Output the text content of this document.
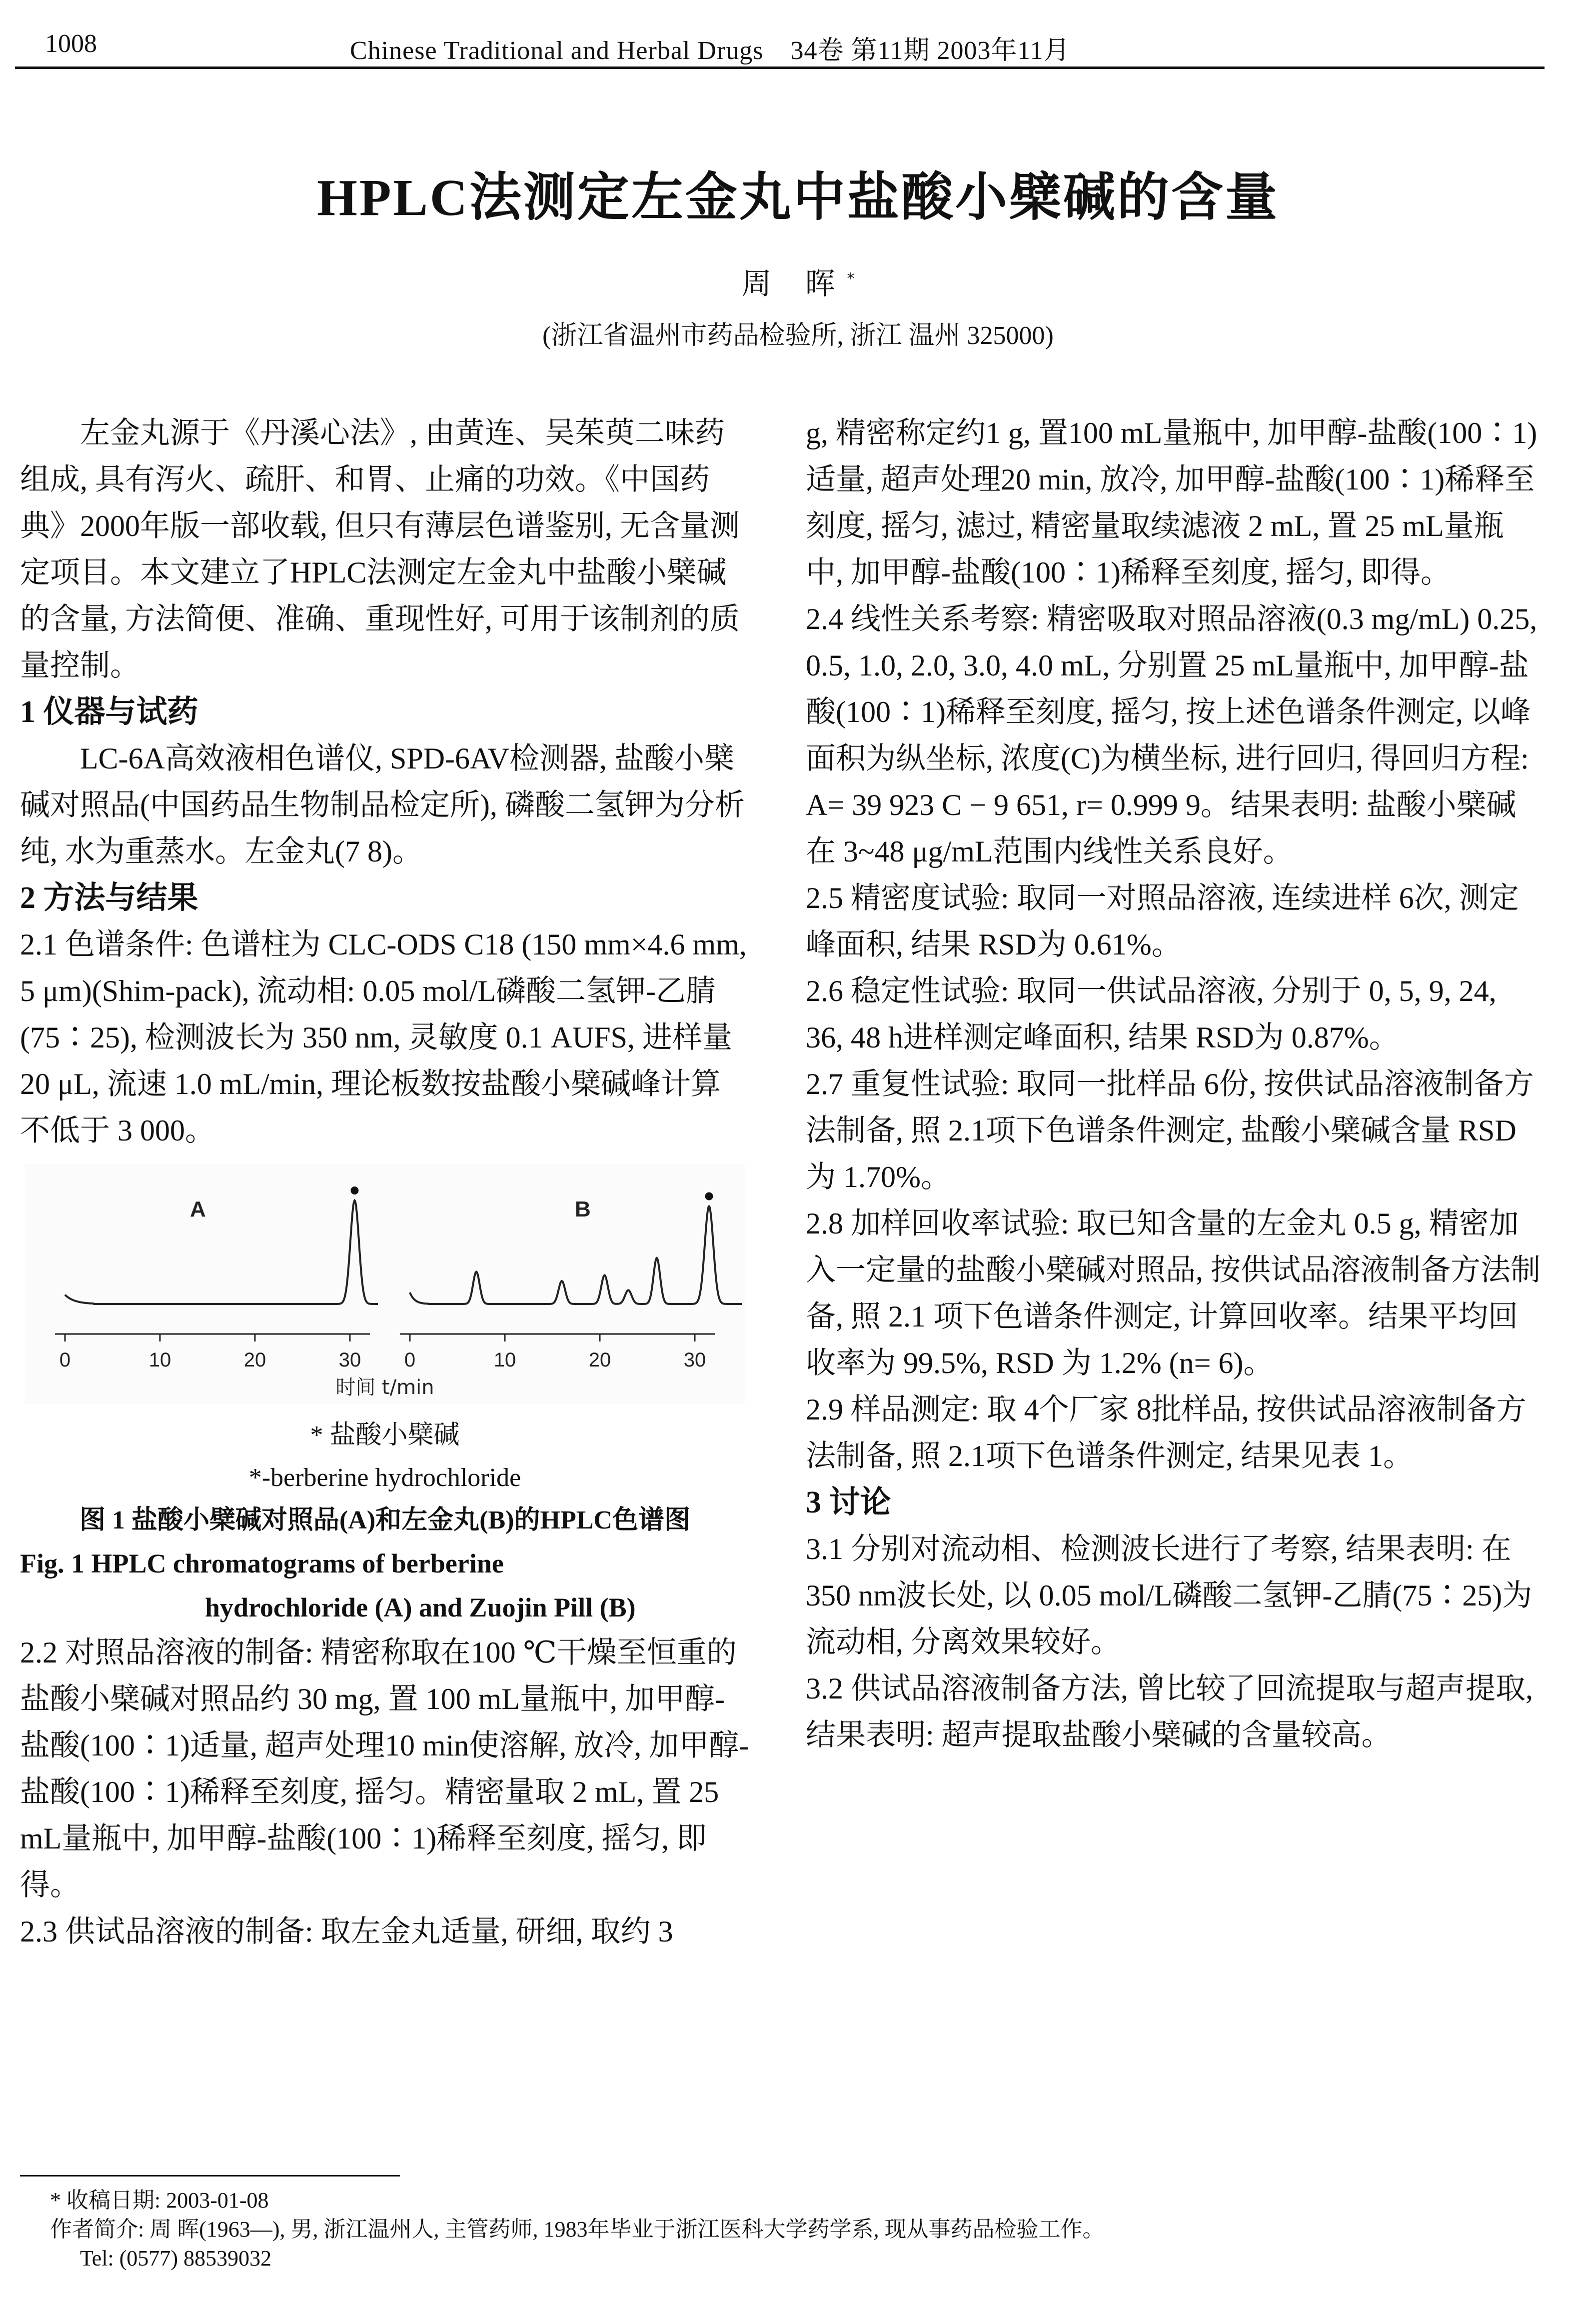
1008	Chinese Traditional and Herbal Drugs 34卷 第11期 2003年11月
HPLC法测定左金丸中盐酸小檗碱的含量
周 晖*
(浙江省温州市药品检验所, 浙江 温州 325000)

左金丸源于《丹溪心法》, 由黄连、吴茱萸二味药组成, 具有泻火、疏肝、和胃、止痛的功效。《中国药典》2000年版一部收载, 但只有薄层色谱鉴别, 无含量测定项目。本文建立了HPLC法测定左金丸中盐酸小檗碱的含量, 方法简便、准确、重现性好, 可用于该制剂的质量控制。

1 仪器与试药

LC-6A高效液相色谱仪, SPD-6AV检测器, 盐酸小檗碱对照品(中国药品生物制品检定所), 磷酸二氢钾为分析纯, 水为重蒸水。左金丸(7 8)。

2 方法与结果

2.1 色谱条件: 色谱柱为 CLC-ODS C18 (150 mm×4.6 mm, 5 μm)(Shim-pack), 流动相: 0.05 mol/L磷酸二氢钾-乙腈(75∶25), 检测波长为 350 nm, 灵敏度 0.1 AUFS, 进样量 20 μL, 流速 1.0 mL/min, 理论板数按盐酸小檗碱峰计算不低于 3 000。

A
0	10	20	30
B
0	10	20	30
时间 t/min

* 盐酸小檗碱

*-berberine hydrochloride

图 1 盐酸小檗碱对照品(A)和左金丸(B)的HPLC色谱图

Fig. 1 HPLC chromatograms of berberine

hydrochloride (A) and Zuojin Pill (B)

2.2 对照品溶液的制备: 精密称取在100 ℃干燥至恒重的盐酸小檗碱对照品约 30 mg, 置 100 mL量瓶中, 加甲醇-盐酸(100∶1)适量, 超声处理10 min使溶解, 放冷, 加甲醇-盐酸(100∶1)稀释至刻度, 摇匀。精密量取 2 mL, 置 25 mL量瓶中, 加甲醇-盐酸(100∶1)稀释至刻度, 摇匀, 即得。

2.3 供试品溶液的制备: 取左金丸适量, 研细, 取约 3

g, 精密称定约1 g, 置100 mL量瓶中, 加甲醇-盐酸(100∶1)适量, 超声处理20 min, 放冷, 加甲醇-盐酸(100∶1)稀释至刻度, 摇匀, 滤过, 精密量取续滤液 2 mL, 置 25 mL量瓶中, 加甲醇-盐酸(100∶1)稀释至刻度, 摇匀, 即得。

2.4 线性关系考察: 精密吸取对照品溶液(0.3 mg/mL) 0.25, 0.5, 1.0, 2.0, 3.0, 4.0 mL, 分别置 25 mL量瓶中, 加甲醇-盐酸(100∶1)稀释至刻度, 摇匀, 按上述色谱条件测定, 以峰面积为纵坐标, 浓度(C)为横坐标, 进行回归, 得回归方程: A= 39 923 C − 9 651, r= 0.999 9。结果表明: 盐酸小檗碱在 3~48 μg/mL范围内线性关系良好。

2.5 精密度试验: 取同一对照品溶液, 连续进样 6次, 测定峰面积, 结果 RSD为 0.61%。

2.6 稳定性试验: 取同一供试品溶液, 分别于 0, 5, 9, 24, 36, 48 h进样测定峰面积, 结果 RSD为 0.87%。

2.7 重复性试验: 取同一批样品 6份, 按供试品溶液制备方法制备, 照 2.1项下色谱条件测定, 盐酸小檗碱含量 RSD为 1.70%。

2.8 加样回收率试验: 取已知含量的左金丸 0.5 g, 精密加入一定量的盐酸小檗碱对照品, 按供试品溶液制备方法制备, 照 2.1 项下色谱条件测定, 计算回收率。结果平均回收率为 99.5%, RSD 为 1.2% (n= 6)。

2.9 样品测定: 取 4个厂家 8批样品, 按供试品溶液制备方法制备, 照 2.1项下色谱条件测定, 结果见表 1。

3 讨论

3.1 分别对流动相、检测波长进行了考察, 结果表明: 在 350 nm波长处, 以 0.05 mol/L磷酸二氢钾-乙腈(75∶25)为流动相, 分离效果较好。

3.2 供试品溶液制备方法, 曾比较了回流提取与超声提取, 结果表明: 超声提取盐酸小檗碱的含量较高。

* 收稿日期: 2003-01-08
作者简介: 周 晖(1963—), 男, 浙江温州人, 主管药师, 1983年毕业于浙江医科大学药学系, 现从事药品检验工作。
Tel: (0577) 88539032
